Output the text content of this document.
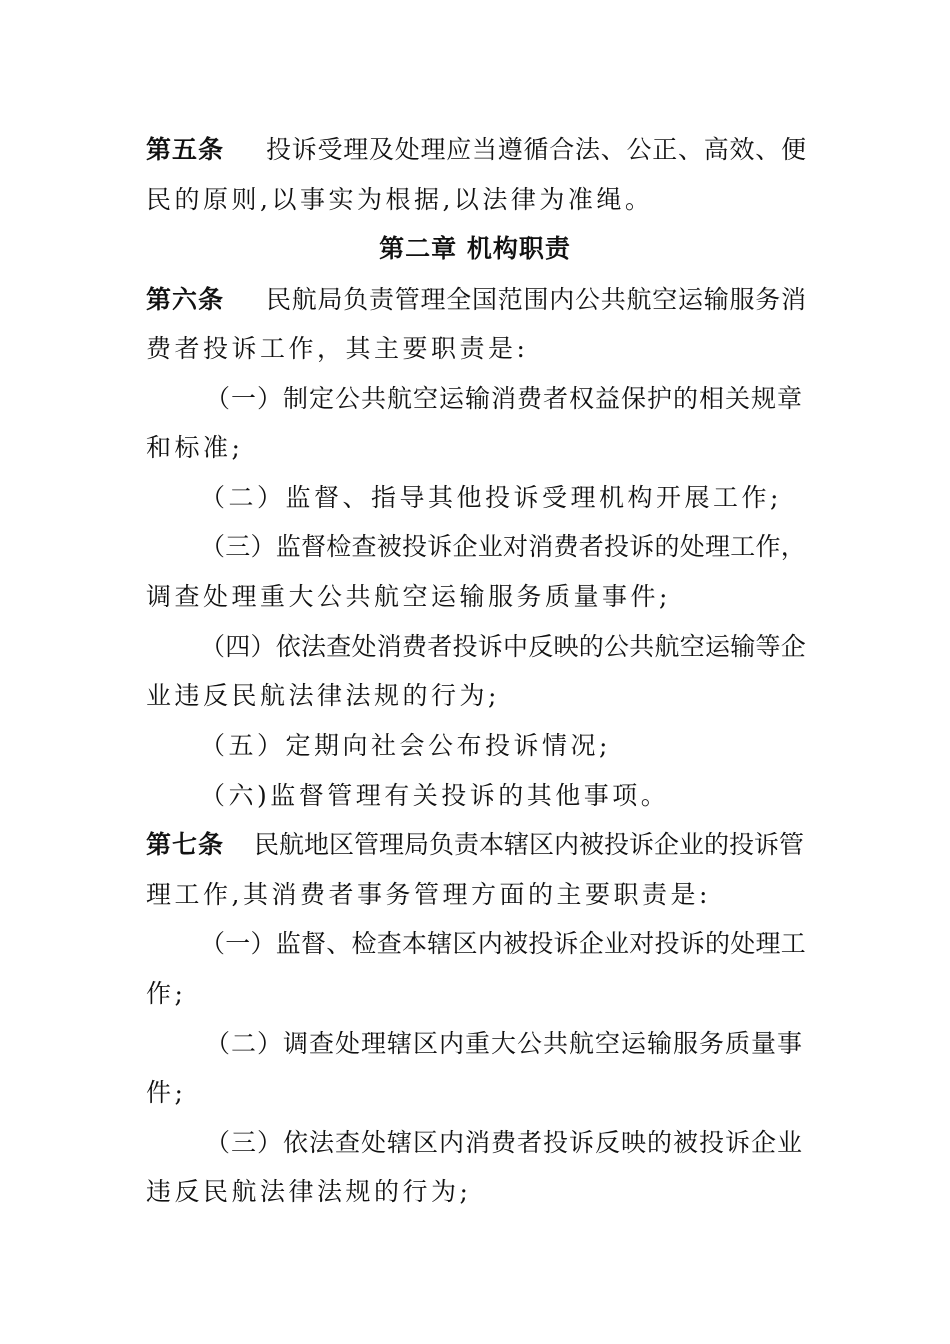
第五条 投诉受理及处理应当遵循合法、公正、高效、便
民的原则,以事实为根据,以法律为准绳。
第二章 机构职责
第六条 民航局负责管理全国范围内公共航空运输服务消
费者投诉工作，其主要职责是:
（一）制定公共航空运输消费者权益保护的相关规章
和标准;
（二）监督、指导其他投诉受理机构开展工作;
（三）监督检查被投诉企业对消费者投诉的处理工作，
调查处理重大公共航空运输服务质量事件;
（四）依法查处消费者投诉中反映的公共航空运输等企
业违反民航法律法规的行为;
（五）定期向社会公布投诉情况;
（六)监督管理有关投诉的其他事项。
第七条 民航地区管理局负责本辖区内被投诉企业的投诉管
理工作,其消费者事务管理方面的主要职责是:
（一）监督、检查本辖区内被投诉企业对投诉的处理工
作;
（二）调查处理辖区内重大公共航空运输服务质量事
件;
（三）依法查处辖区内消费者投诉反映的被投诉企业
违反民航法律法规的行为;
